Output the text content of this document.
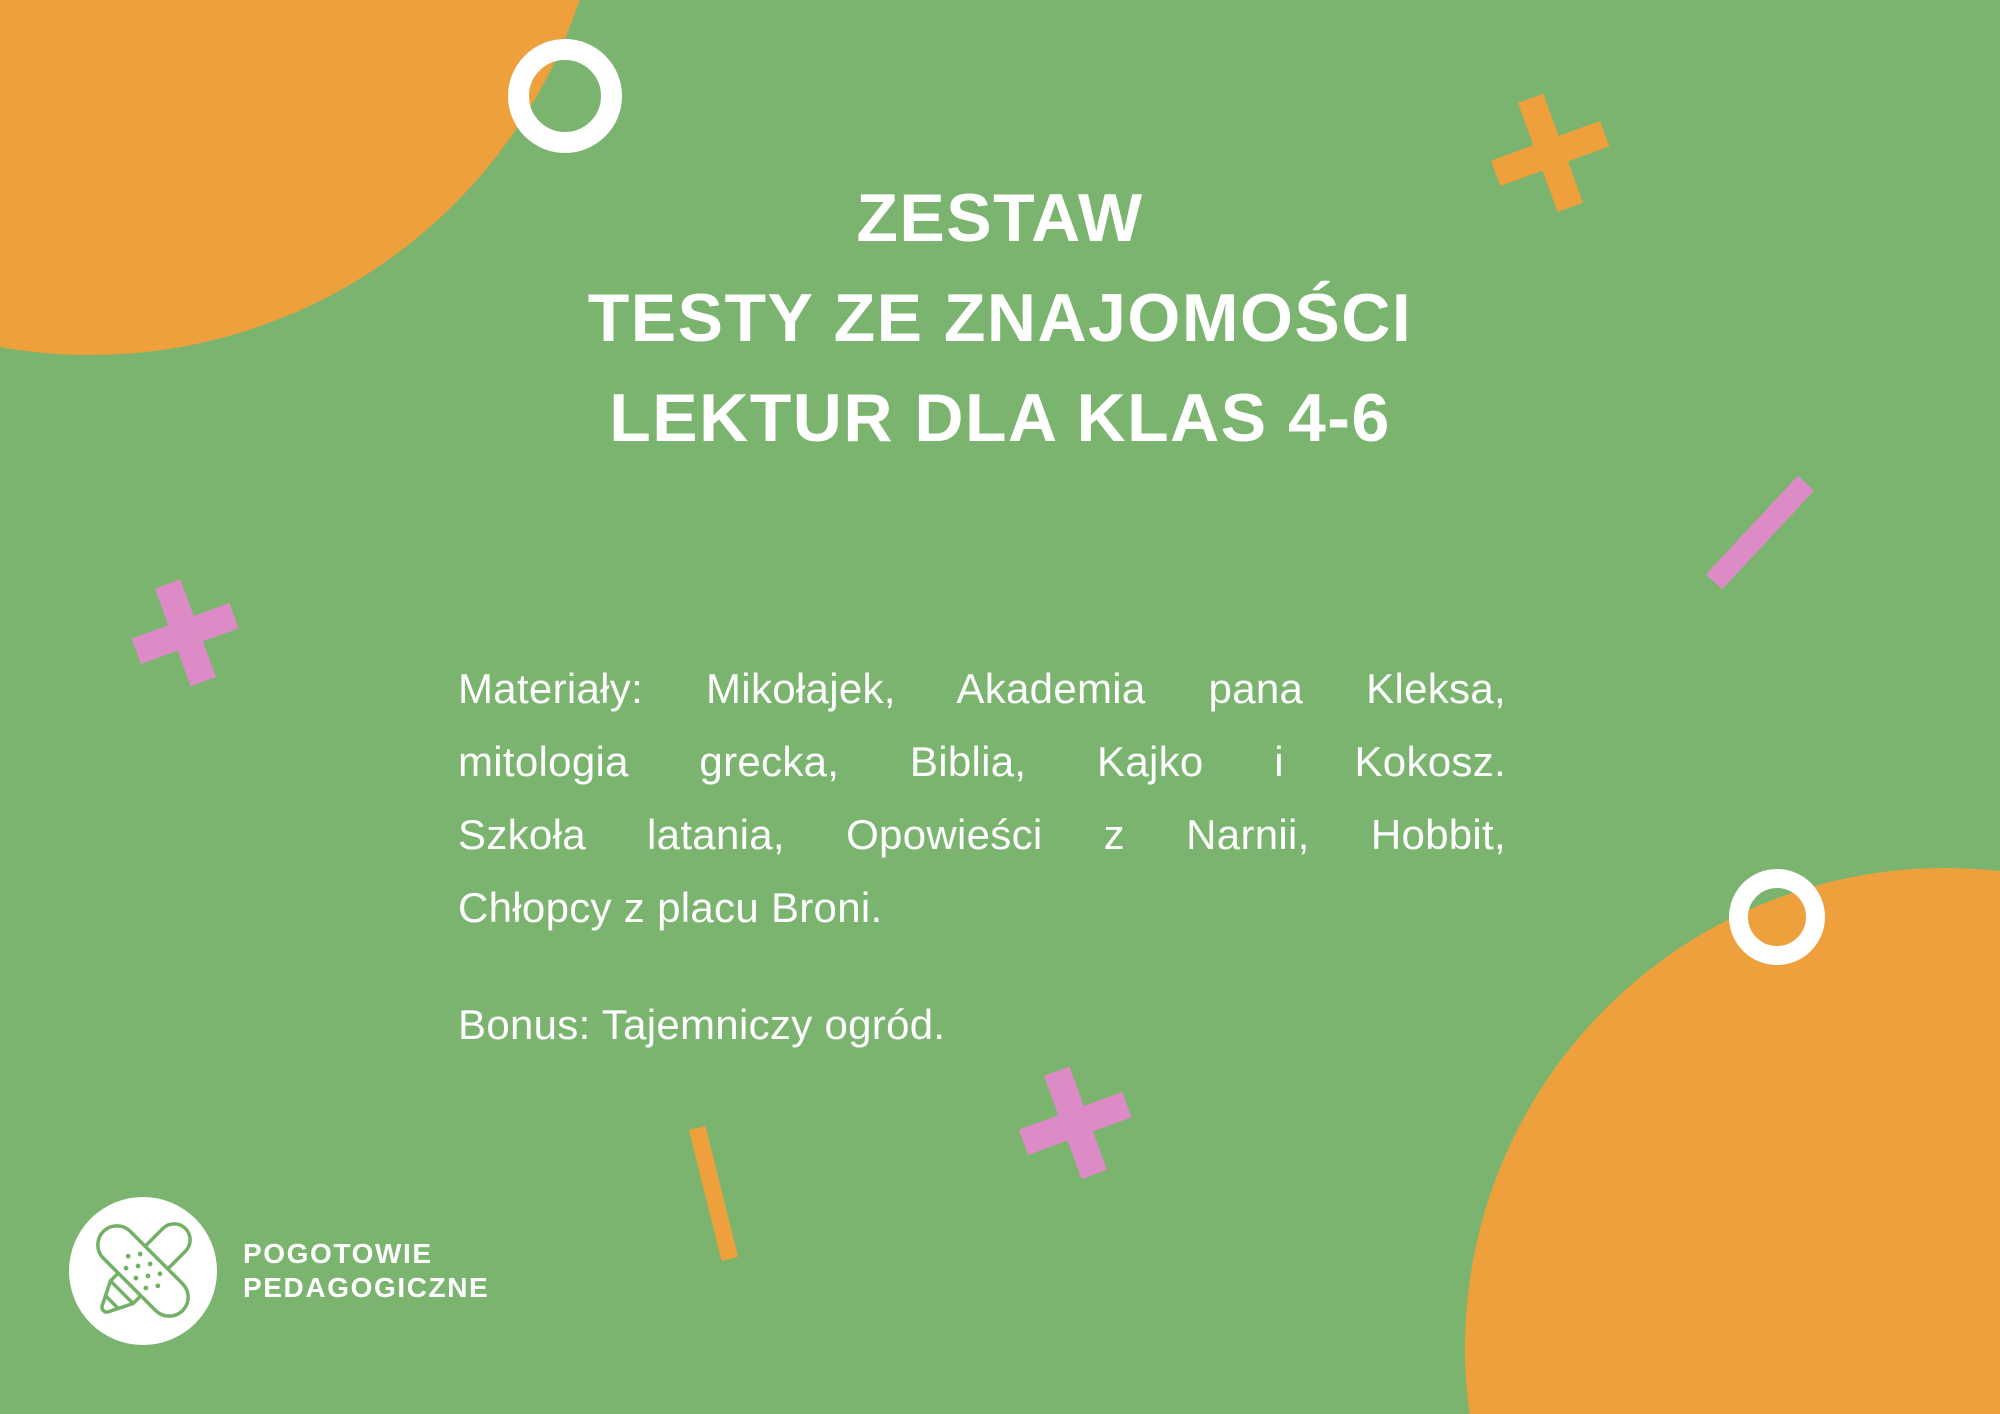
ZESTAW
TESTY ZE ZNAJOMOŚCI
LEKTUR DLA KLAS 4-6
Materiały: Mikołajek, Akademia pana Kleksa,
mitologia grecka, Biblia, Kajko i Kokosz.
Szkoła latania, Opowieści z Narnii, Hobbit,
Chłopcy z placu Broni.
Bonus: Tajemniczy ogród.
POGOTOWIE
PEDAGOGICZNE
